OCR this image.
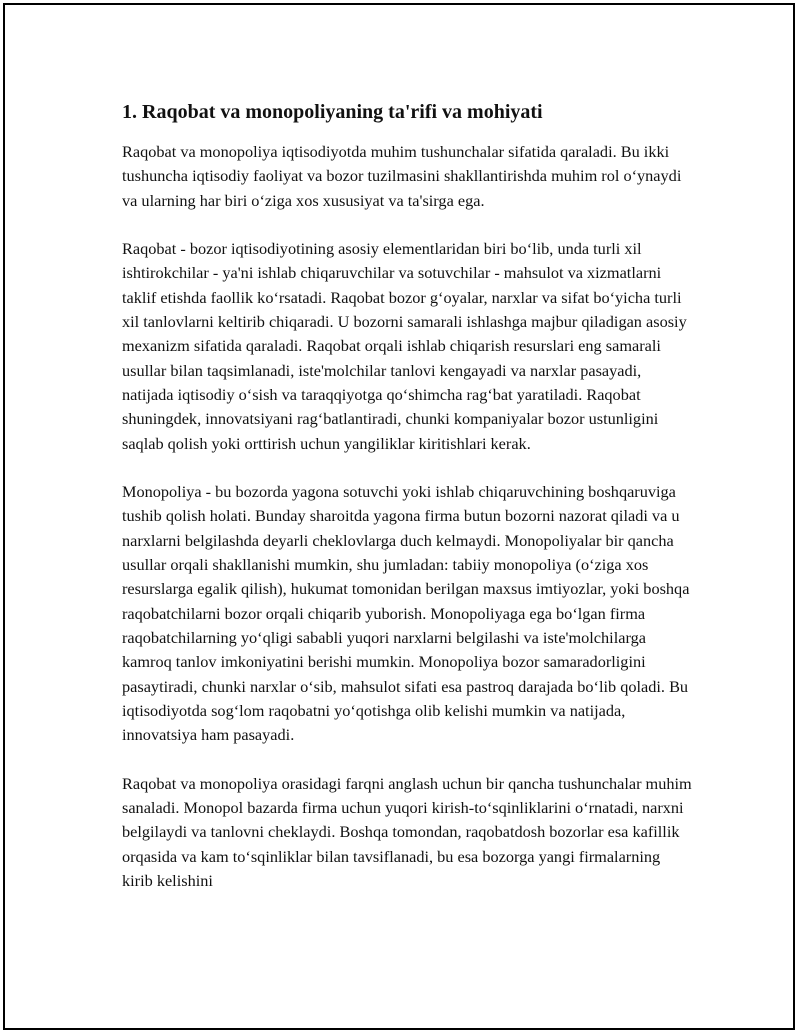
1. Raqobat va monopoliyaning ta'rifi va mohiyati

Raqobat va monopoliya iqtisodiyotda muhim tushunchalar sifatida qaraladi. Bu ikki tushuncha iqtisodiy faoliyat va bozor tuzilmasini shakllantirishda muhim rol o‘ynaydi va ularning har biri o‘ziga xos xususiyat va ta'sirga ega.

Raqobat - bozor iqtisodiyotining asosiy elementlaridan biri bo‘lib, unda turli xil ishtirokchilar - ya'ni ishlab chiqaruvchilar va sotuvchilar - mahsulot va xizmatlarni taklif etishda faollik ko‘rsatadi. Raqobat bozor g‘oyalar, narxlar va sifat bo‘yicha turli xil tanlovlarni keltirib chiqaradi. U bozorni samarali ishlashga majbur qiladigan asosiy mexanizm sifatida qaraladi. Raqobat orqali ishlab chiqarish resurslari eng samarali usullar bilan taqsimlanadi, iste'molchilar tanlovi kengayadi va narxlar pasayadi, natijada iqtisodiy o‘sish va taraqqiyotga qo‘shimcha rag‘bat yaratiladi. Raqobat shuningdek, innovatsiyani rag‘batlantiradi, chunki kompaniyalar bozor ustunligini saqlab qolish yoki orttirish uchun yangiliklar kiritishlari kerak.

Monopoliya - bu bozorda yagona sotuvchi yoki ishlab chiqaruvchining boshqaruviga tushib qolish holati. Bunday sharoitda yagona firma butun bozorni nazorat qiladi va u narxlarni belgilashda deyarli cheklovlarga duch kelmaydi. Monopoliyalar bir qancha usullar orqali shakllanishi mumkin, shu jumladan: tabiiy monopoliya (o‘ziga xos resurslarga egalik qilish), hukumat tomonidan berilgan maxsus imtiyozlar, yoki boshqa raqobatchilarni bozor orqali chiqarib yuborish. Monopoliyaga ega bo‘lgan firma raqobatchilarning yo‘qligi sababli yuqori narxlarni belgilashi va iste'molchilarga kamroq tanlov imkoniyatini berishi mumkin. Monopoliya bozor samaradorligini pasaytiradi, chunki narxlar o‘sib, mahsulot sifati esa pastroq darajada bo‘lib qoladi. Bu iqtisodiyotda sog‘lom raqobatni yo‘qotishga olib kelishi mumkin va natijada, innovatsiya ham pasayadi.

Raqobat va monopoliya orasidagi farqni anglash uchun bir qancha tushunchalar muhim sanaladi. Monopol bazarda firma uchun yuqori kirish-to‘sqinliklarini o‘rnatadi, narxni belgilaydi va tanlovni cheklaydi. Boshqa tomondan, raqobatdosh bozorlar esa kafillik orqasida va kam to‘sqinliklar bilan tavsiflanadi, bu esa bozorga yangi firmalarning kirib kelishini
